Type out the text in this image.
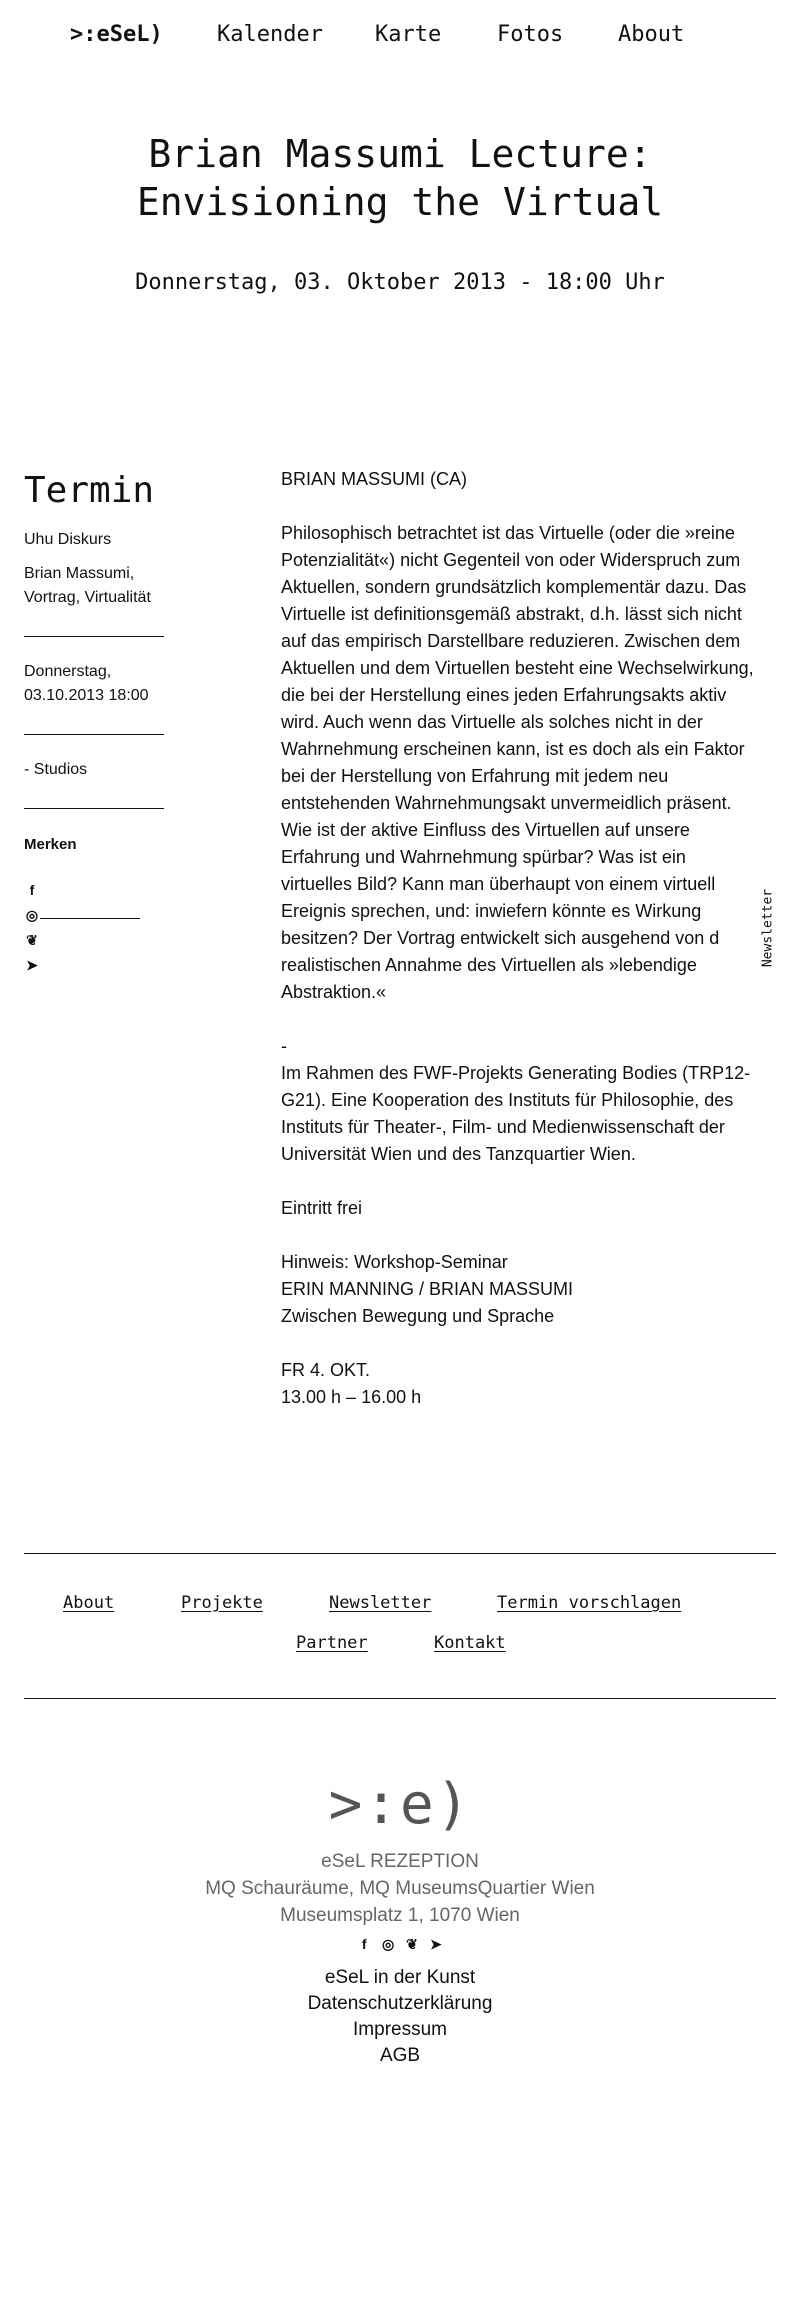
>:eSeL) Kalender Karte	Fotos About
Brian Massumi Lecture: Envisioning the Virtual
Donnerstag, 03. Oktober 2013 - 18:00 Uhr
Termin
Uhu Diskurs
Brian Massumi, Vortrag, Virtualität
Donnerstag, 03.10.2013 18:00
- Studios
Merken
f
◎
❦
➤

BRIAN MASSUMI (CA)

Philosophisch betrachtet ist das Virtuelle (oder die »reine Potenzialität«) nicht Gegenteil von oder Widerspruch zum Aktuellen, sondern grundsätzlich komplementär dazu. Das Virtuelle ist definitionsgemäß abstrakt, d.h. lässt sich nicht auf das empirisch Darstellbare reduzieren. Zwischen dem Aktuellen und dem Virtuellen besteht eine Wechselwirkung, die bei der Herstellung eines jeden Erfahrungsakts aktiv wird. Auch wenn das Virtuelle als solches nicht in der Wahrnehmung erscheinen kann, ist es doch als ein Faktor bei der Herstellung von Erfahrung mit jedem neu entstehenden Wahrnehmungsakt unvermeidlich präsent. Wie ist der aktive Einfluss des Virtuellen auf unsere Erfahrung und Wahrnehmung spürbar? Was ist ein virtuelles Bild? Kann man überhaupt von einem virtuell Ereignis sprechen, und: inwiefern könnte es Wirkung besitzen? Der Vortrag entwickelt sich ausgehend von d realistischen Annahme des Virtuellen als »lebendige Abstraktion.«

-

Im Rahmen des FWF-Projekts Generating Bodies (TRP12-G21). Eine Kooperation des Instituts für Philosophie, des Instituts für Theater-, Film- und Medienwissenschaft der Universität Wien und des Tanzquartier Wien.

Eintritt frei

Hinweis: Workshop-Seminar

ERIN MANNING / BRIAN MASSUMI

Zwischen Bewegung und Sprache

FR 4. OKT.

13.00 h – 16.00 h

Newsletter
About	Projekte	Newsletter	Termin vorschlagen
Partner	Kontakt
>:e)
eSeL REZEPTION
MQ Schauräume, MQ MuseumsQuartier Wien
Museumsplatz 1, 1070 Wien
f ◎ ❦ ➤
eSeL in der Kunst
Datenschutzerklärung
Impressum
AGB
